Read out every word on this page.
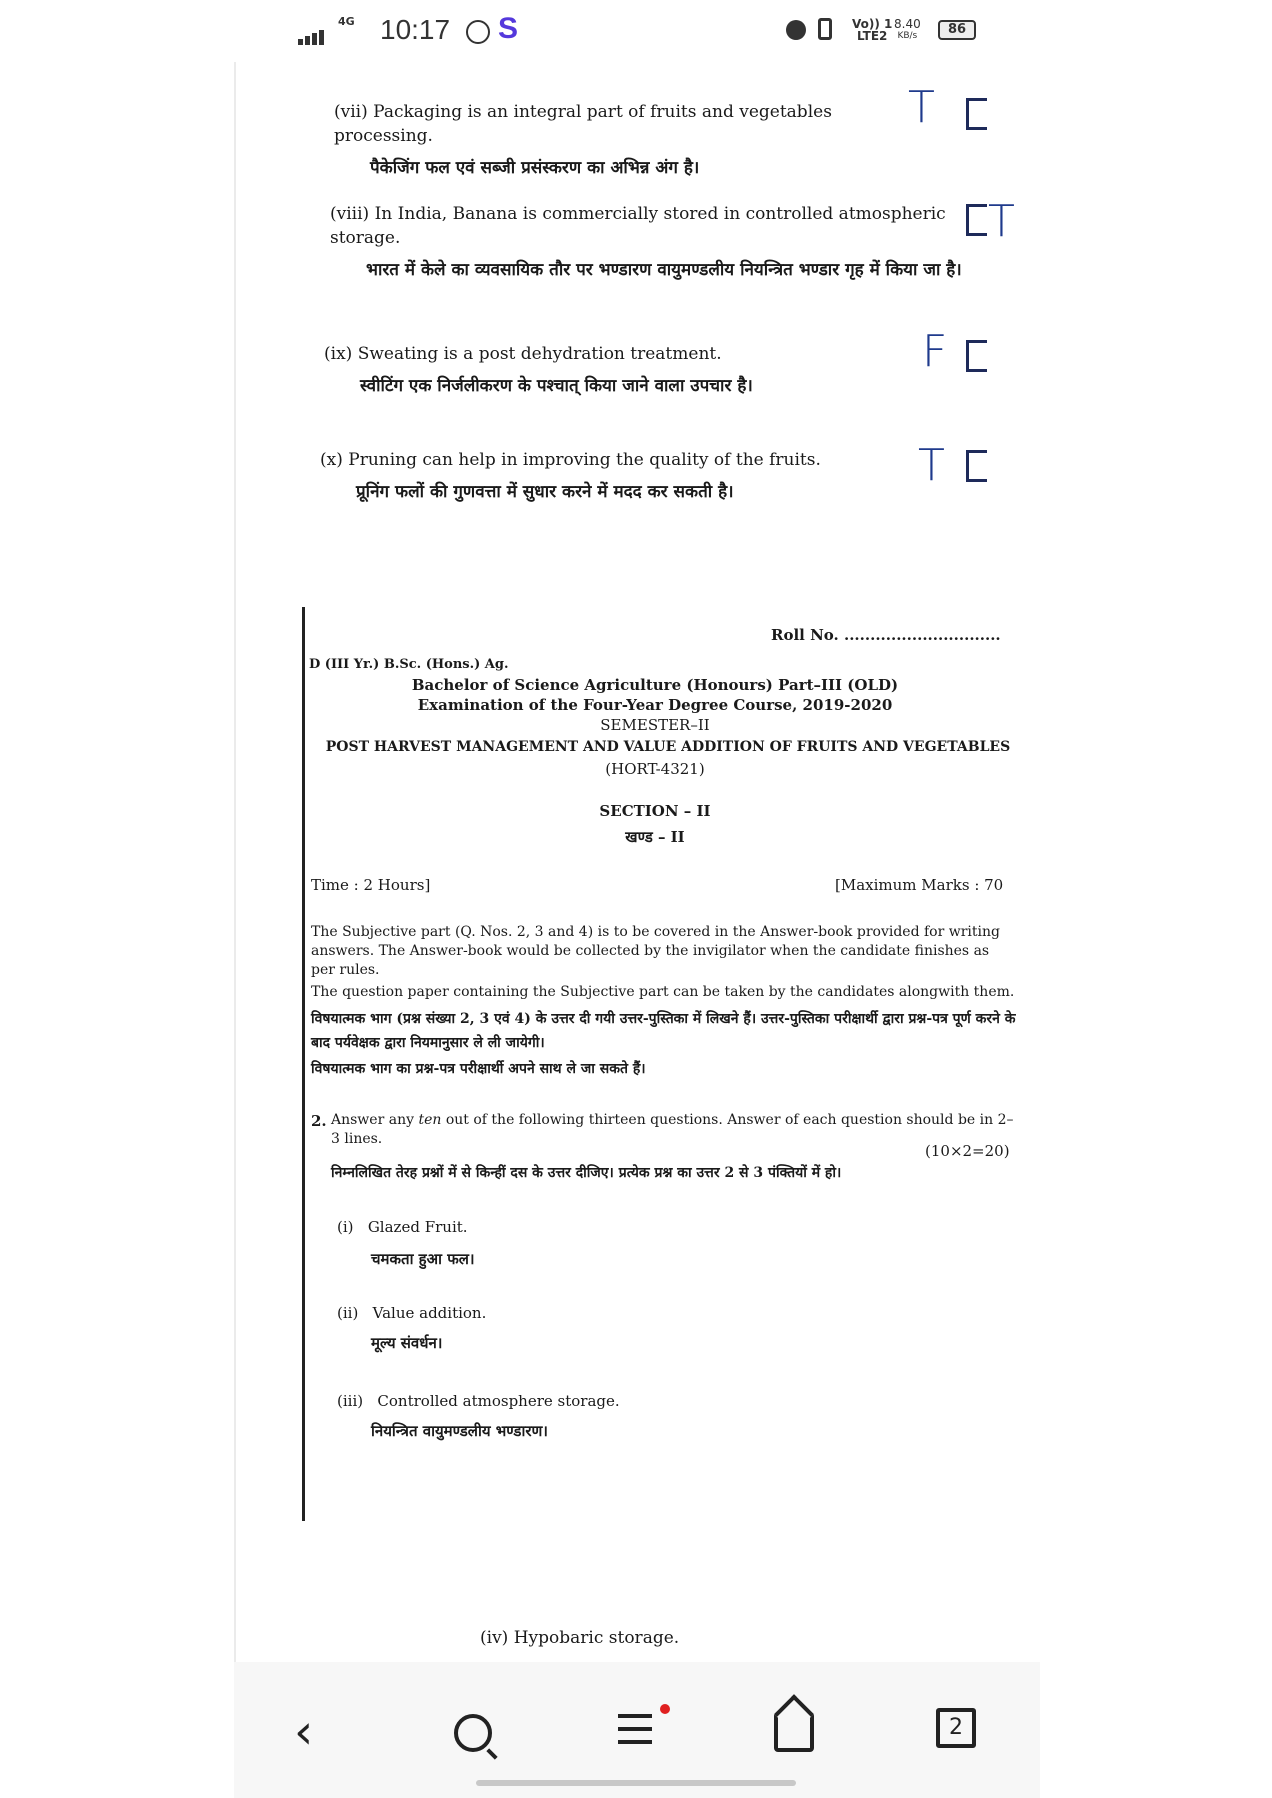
4G 10:17 S	Vo)) 1
LTE2
8.40
KB/s	86
(vii) Packaging is an integral part of fruits and vegetables processing.
पैकेजिंग फल एवं सब्जी प्रसंस्करण का अभिन्न अंग है।
T
(viii) In India, Banana is commercially stored in controlled atmospheric storage.
भारत में केले का व्यवसायिक तौर पर भण्डारण वायुमण्डलीय नियन्त्रित भण्डार गृह में किया जा है।
T
(ix) Sweating is a post dehydration treatment.
स्वीटिंग एक निर्जलीकरण के पश्चात् किया जाने वाला उपचार है।
F
(x) Pruning can help in improving the quality of the fruits.
प्रूनिंग फलों की गुणवत्ता में सुधार करने में मदद कर सकती है।
T
(iv) Hypobaric storage.
Roll No. ..............................
D (III Yr.) B.Sc. (Hons.) Ag.
Bachelor of Science Agriculture (Honours) Part–III (OLD)
Examination of the Four-Year Degree Course, 2019-2020
SEMESTER–II
POST HARVEST MANAGEMENT AND VALUE ADDITION OF FRUITS AND VEGETABLES
(HORT-4321)
SECTION – II
खण्ड – II
Time : 2 Hours]	[Maximum Marks : 70
The Subjective part (Q. Nos. 2, 3 and 4) is to be covered in the Answer-book provided for writing answers. The Answer-book would be collected by the invigilator when the candidate finishes as per rules.
The question paper containing the Subjective part can be taken by the candidates alongwith them.
विषयात्मक भाग (प्रश्न संख्या 2, 3 एवं 4) के उत्तर दी गयी उत्तर-पुस्तिका में लिखने हैं। उत्तर-पुस्तिका परीक्षार्थी द्वारा प्रश्न-पत्र पूर्ण करने के बाद पर्यवेक्षक द्वारा नियमानुसार ले ली जायेगी।
विषयात्मक भाग का प्रश्न-पत्र परीक्षार्थी अपने साथ ले जा सकते हैं।
2. Answer any ten out of the following thirteen questions. Answer of each question should be in 2–3 lines.
(10×2=20)
निम्नलिखित तेरह प्रश्नों में से किन्हीं दस के उत्तर दीजिए। प्रत्येक प्रश्न का उत्तर 2 से 3 पंक्तियों में हो।
(i) Glazed Fruit.
चमकता हुआ फल।
(ii) Value addition.
मूल्य संवर्धन।
(iii) Controlled atmosphere storage.
नियन्त्रित वायुमण्डलीय भण्डारण।
‹	2
